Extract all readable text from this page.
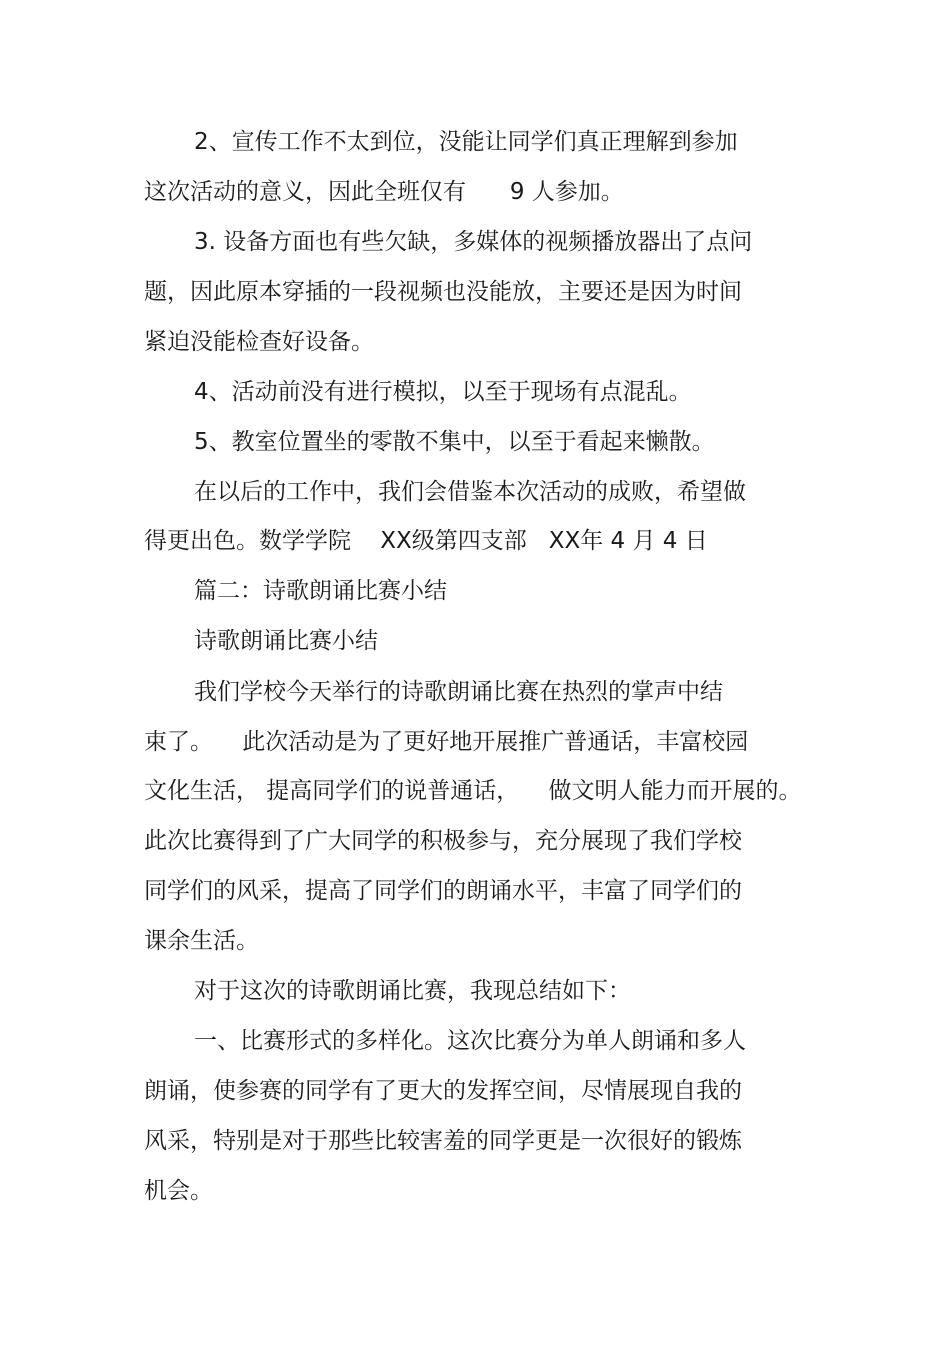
2、宣传工作不太到位，没能让同学们真正理解到参加

这次活动的意义，因此全班仅有      9 人参加。

3. 设备方面也有些欠缺，多媒体的视频播放器出了点问

题，因此原本穿插的一段视频也没能放，主要还是因为时间

紧迫没能检查好设备。

4、活动前没有进行模拟，以至于现场有点混乱。

5、教室位置坐的零散不集中，以至于看起来懒散。

在以后的工作中，我们会借鉴本次活动的成败，希望做

得更出色。数学学院    XX级第四支部   XX年 4 月 4 日

篇二：诗歌朗诵比赛小结

诗歌朗诵比赛小结

我们学校今天举行的诗歌朗诵比赛在热烈的掌声中结

束了。    此次活动是为了更好地开展推广普通话，丰富校园

文化生活， 提高同学们的说普通话，    做文明人能力而开展的。

此次比赛得到了广大同学的积极参与，充分展现了我们学校

同学们的风采，提高了同学们的朗诵水平，丰富了同学们的

课余生活。

对于这次的诗歌朗诵比赛，我现总结如下：

一、比赛形式的多样化。这次比赛分为单人朗诵和多人

朗诵，使参赛的同学有了更大的发挥空间，尽情展现自我的

风采，特别是对于那些比较害羞的同学更是一次很好的锻炼

机会。
